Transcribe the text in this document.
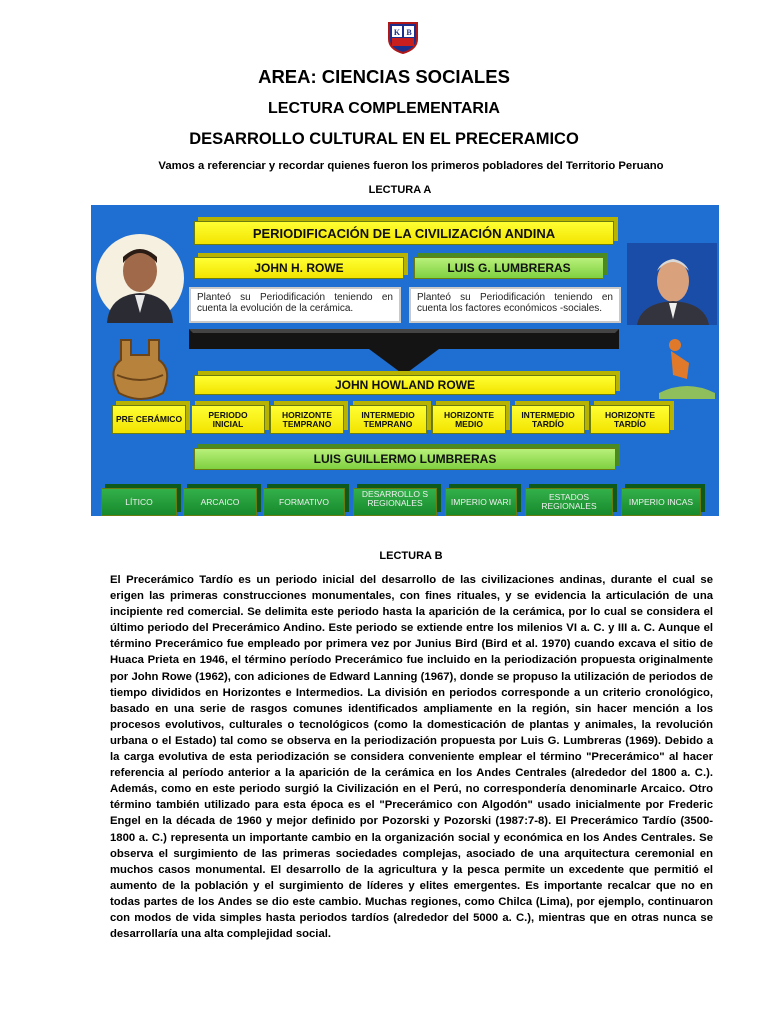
K B
AREA: CIENCIAS SOCIALES
LECTURA COMPLEMENTARIA
DESARROLLO CULTURAL EN EL PRECERAMICO
Vamos a referenciar y recordar quienes fueron los primeros pobladores del Territorio Peruano
LECTURA A
PERIODIFICACIÓN DE LA CIVILIZACIÓN ANDINA
JOHN H. ROWE	LUIS G. LUMBRERAS
Planteó su Periodificación teniendo en cuenta la evolución de la cerámica.
Planteó su Periodificación teniendo en cuenta los factores económicos -sociales.
JOHN HOWLAND ROWE
PRE CERÁMICO	PERIODO INICIAL
HORIZONTE TEMPRANO
INTERMEDIO TEMPRANO
HORIZONTE MEDIO
INTERMEDIO TARDÍO
HORIZONTE TARDÍO
LUIS GUILLERMO LUMBRERAS
LÍTICO	ARCAICO	FORMATIVO
DESARROLLO S REGIONALES	IMPERIO WARI	ESTADOS REGIONALES	IMPERIO INCAS
LECTURA B
El Precerámico Tardío es un periodo inicial del desarrollo de las civilizaciones andinas, durante el cual se erigen las primeras construcciones monumentales, con fines rituales, y se evidencia la articulación de una incipiente red comercial. Se delimita este periodo hasta la aparición de la cerámica, por lo cual se considera el último periodo del Precerámico Andino. Este periodo se extiende entre los milenios VI a. C. y III a. C. Aunque el término Precerámico fue empleado por primera vez por Junius Bird (Bird et al. 1970) cuando excava el sitio de Huaca Prieta en 1946, el término período Precerámico fue incluido en la periodización propuesta originalmente por John Rowe (1962), con adiciones de Edward Lanning (1967), donde se propuso la utilización de periodos de tiempo divididos en Horizontes e Intermedios. La división en periodos corresponde a un criterio cronológico, basado en una serie de rasgos comunes identificados ampliamente en la región, sin hacer mención a los procesos evolutivos, culturales o tecnológicos (como la domesticación de plantas y animales, la revolución urbana o el Estado) tal como se observa en la periodización propuesta por Luis G. Lumbreras (1969). Debido a la carga evolutiva de esta periodización se considera conveniente emplear el término "Precerámico" al hacer referencia al período anterior a la aparición de la cerámica en los Andes Centrales (alrededor del 1800 a. C.). Además, como en este periodo surgió la Civilización en el Perú, no correspondería denominarle Arcaico. Otro término también utilizado para esta época es el "Precerámico con Algodón" usado inicialmente por Frederic Engel en la década de 1960 y mejor definido por Pozorski y Pozorski (1987:7-8). El Precerámico Tardío (3500-1800 a. C.) representa un importante cambio en la organización social y económica en los Andes Centrales. Se observa el surgimiento de las primeras sociedades complejas, asociado de una arquitectura ceremonial en muchos casos monumental. El desarrollo de la agricultura y la pesca permite un excedente que permitió el aumento de la población y el surgimiento de líderes y elites emergentes. Es importante recalcar que no en todas partes de los Andes se dio este cambio. Muchas regiones, como Chilca (Lima), por ejemplo, continuaron con modos de vida simples hasta periodos tardíos (alrededor del 5000 a. C.), mientras que en otras nunca se desarrollaría una alta complejidad social.
